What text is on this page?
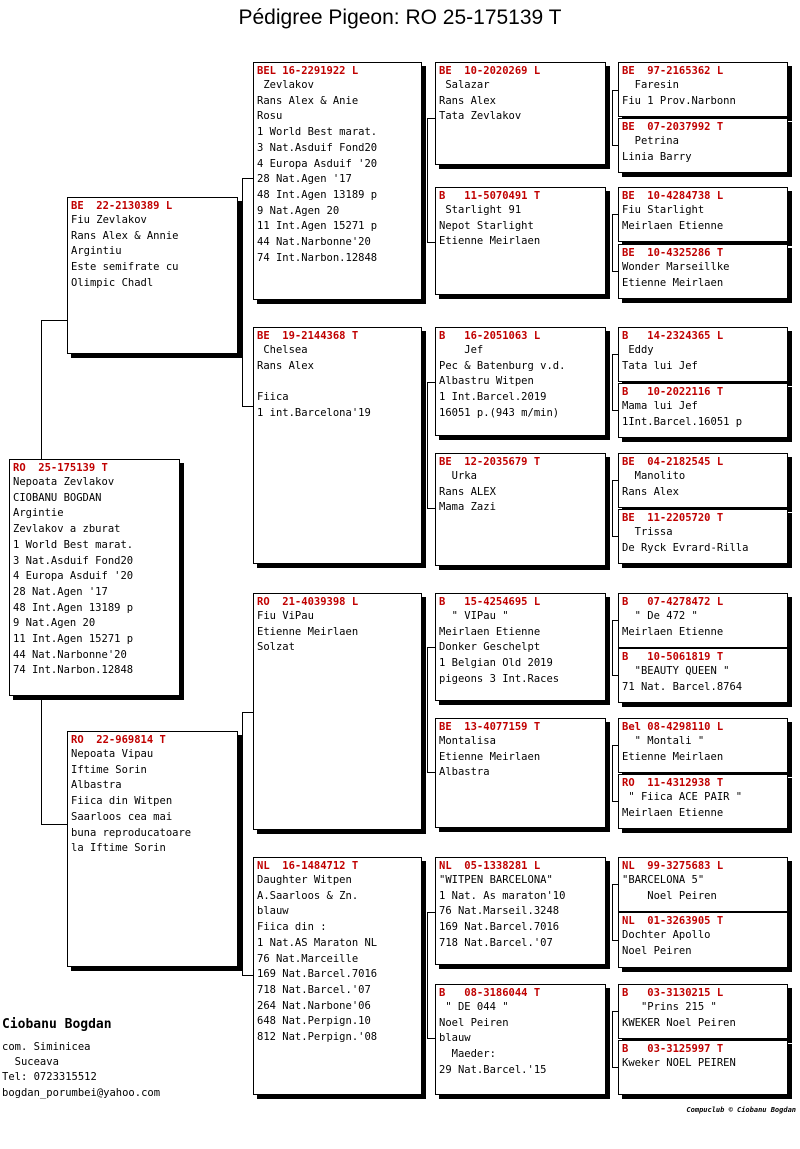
Pédigree Pigeon: RO 25-175139 T
RO  25-175139 T
Nepoata Zevlakov
CIOBANU BOGDAN
Argintie
Zevlakov a zburat
1 World Best marat.
3 Nat.Asduif Fond20
4 Europa Asduif '20
28 Nat.Agen '17
48 Int.Agen 13189 p
9 Nat.Agen 20
11 Int.Agen 15271 p
44 Nat.Narbonne'20
74 Int.Narbon.12848
BE  22-2130389 L
Fiu Zevlakov
Rans Alex & Annie
Argintiu
Este semifrate cu
Olimpic Chadl
RO  22-969814 T
Nepoata Vipau
Iftime Sorin
Albastra
Fiica din Witpen
Saarloos cea mai
buna reproducatoare
la Iftime Sorin
BEL 16-2291922 L
Zevlakov
Rans Alex & Anie
Rosu
1 World Best marat.
3 Nat.Asduif Fond20
4 Europa Asduif '20
28 Nat.Agen '17
48 Int.Agen 13189 p
9 Nat.Agen 20
11 Int.Agen 15271 p
44 Nat.Narbonne'20
74 Int.Narbon.12848
BE  19-2144368 T
Chelsea
Rans Alex

Fiica
1 int.Barcelona'19
RO  21-4039398 L
Fiu ViPau
Etienne Meirlaen
Solzat
NL  16-1484712 T
Daughter Witpen
A.Saarloos & Zn.
blauw
Fiica din :
1 Nat.AS Maraton NL
76 Nat.Marceille
169 Nat.Barcel.7016
718 Nat.Barcel.'07
264 Nat.Narbone'06
648 Nat.Perpign.10
812 Nat.Perpign.'08
BE  10-2020269 L
Salazar
Rans Alex
Tata Zevlakov
B   11-5070491 T
Starlight 91
Nepot Starlight
Etienne Meirlaen
B   16-2051063 L
Jef
Pec & Batenburg v.d.
Albastru Witpen
1 Int.Barcel.2019
16051 p.(943 m/min)
BE  12-2035679 T
Urka
Rans ALEX
Mama Zazi
B   15-4254695 L
" VIPau "
Meirlaen Etienne
Donker Geschelpt
1 Belgian Old 2019
pigeons 3 Int.Races
BE  13-4077159 T
Montalisa
Etienne Meirlaen
Albastra
NL  05-1338281 L
"WITPEN BARCELONA"
1 Nat. As maraton'10
76 Nat.Marseil.3248
169 Nat.Barcel.7016
718 Nat.Barcel.'07
B   08-3186044 T
" DE 044 "
Noel Peiren
blauw
Maeder:
29 Nat.Barcel.'15
BE  97-2165362 L
Faresin
Fiu 1 Prov.Narbonn
BE  07-2037992 T
Petrina
Linia Barry
BE  10-4284738 L
Fiu Starlight
Meirlaen Etienne
BE  10-4325286 T
Wonder Marseillke
Etienne Meirlaen
B   14-2324365 L
Eddy
Tata lui Jef
B   10-2022116 T
Mama lui Jef
1Int.Barcel.16051 p
BE  04-2182545 L
Manolito
Rans Alex
BE  11-2205720 T
Trissa
De Ryck Evrard-Rilla
B   07-4278472 L
" De 472 "
Meirlaen Etienne
B   10-5061819 T
"BEAUTY QUEEN "
71 Nat. Barcel.8764
Bel 08-4298110 L
" Montali "
Etienne Meirlaen
RO  11-4312938 T
" Fiica ACE PAIR "
Meirlaen Etienne
NL  99-3275683 L
"BARCELONA 5"
Noel Peiren
NL  01-3263905 T
Dochter Apollo
Noel Peiren
B   03-3130215 L
"Prins 215 "
KWEKER Noel Peiren
B   03-3125997 T
Kweker NOEL PEIREN
Ciobanu Bogdan
com. Siminicea
Suceava
Tel: 0723315512
bogdan_porumbei@yahoo.com
Compuclub © Ciobanu Bogdan
